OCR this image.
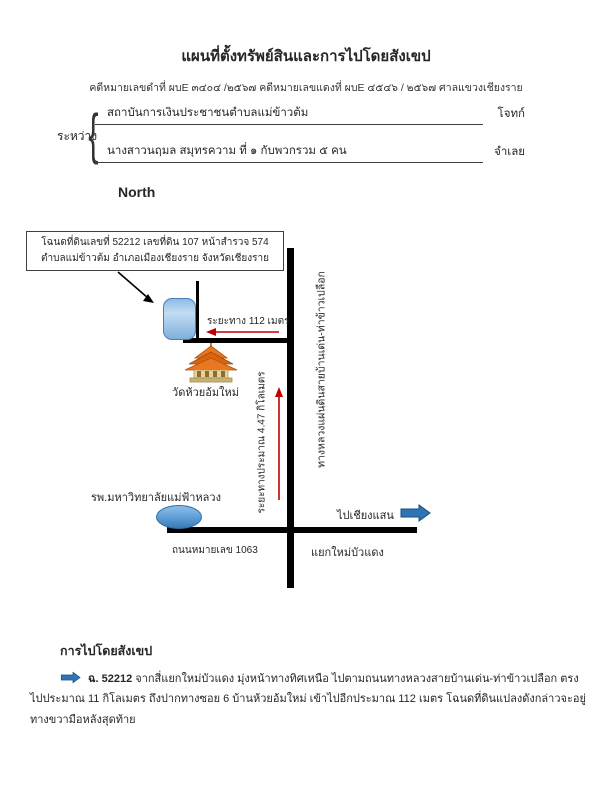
แผนที่ตั้งทรัพย์สินและการไปโดยสังเขป
คดีหมายเลขดำที่ ผบE ๓๔๐๔ /๒๕๖๗ คดีหมายเลขแดงที่ ผบE ๔๕๔๖ / ๒๕๖๗ ศาลแขวงเชียงราย
ระหว่าง
{ สถาบันการเงินประชาชนตำบลแม่ข้าวต้ม	โจทก์
นางสาวนฤมล สมุทรความ ที่ ๑ กับพวกรวม ๕ คน	จำเลย
North
โฉนดที่ดินเลขที่ 52212 เลขที่ดิน 107 หน้าสำรวจ 574
ตำบลแม่ข้าวต้ม อำเภอเมืองเชียงราย จังหวัดเชียงราย
ระยะทาง 112 เมตร
วัดห้วยอ้มใหม่	ระยะทางประมาณ 4.47 กิโลเมตร	ทางหลวงแผ่นดินสายบ้านเด่น-ท่าข้าวเปลือก
รพ.มหาวิทยาลัยแม่ฟ้าหลวง
ไปเชียงแสน
ถนนหมายเลข 1063	แยกใหม่บัวแดง
การไปโดยสังเขป
ฉ. 52212 จากสี่แยกใหม่บัวแดง มุ่งหน้าทางทิศเหนือ ไปตามถนนทางหลวงสายบ้านเด่น-ท่าข้าวเปลือก ตรงไปประมาณ 11 กิโลเมตร ถึงปากทางซอย 6 บ้านห้วยอ้มใหม่ เข้าไปอีกประมาณ 112 เมตร โฉนดที่ดินแปลงดังกล่าวจะอยู่ทางขวามือหลังสุดท้าย
